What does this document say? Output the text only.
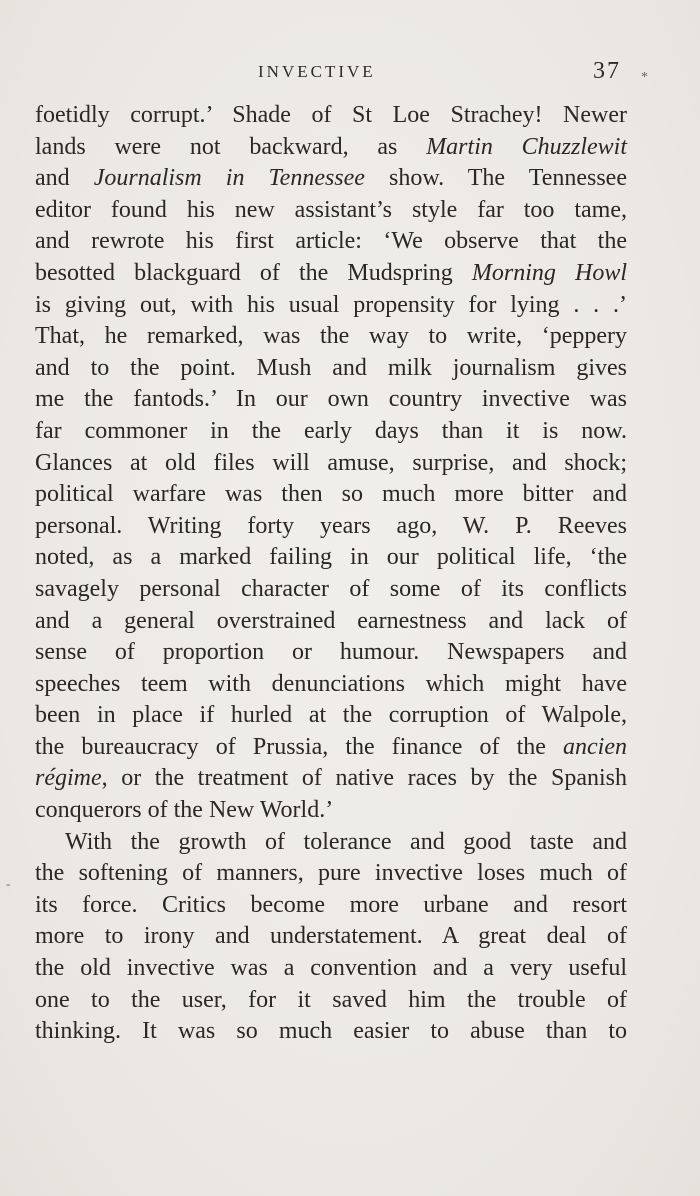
INVECTIVE	37 *
-
foetidly corrupt.’ Shade of St Loe Strachey! Newer
lands were not backward, as Martin Chuzzlewit
and Journalism in Tennessee show. The Tennessee
editor found his new assistant’s style far too tame,
and rewrote his first article: ‘We observe that the
besotted blackguard of the Mudspring Morning Howl
is giving out, with his usual propensity for lying . . .’
That, he remarked, was the way to write, ‘peppery
and to the point. Mush and milk journalism gives
me the fantods.’ In our own country invective was
far commoner in the early days than it is now.
Glances at old files will amuse, surprise, and shock;
political warfare was then so much more bitter and
personal. Writing forty years ago, W. P. Reeves
noted, as a marked failing in our political life, ‘the
savagely personal character of some of its conflicts
and a general overstrained earnestness and lack of
sense of proportion or humour. Newspapers and
speeches teem with denunciations which might have
been in place if hurled at the corruption of Walpole,
the bureaucracy of Prussia, the finance of the ancien
régime, or the treatment of native races by the Spanish
conquerors of the New World.’
With the growth of tolerance and good taste and
the softening of manners, pure invective loses much of
its force. Critics become more urbane and resort
more to irony and understatement. A great deal of
the old invective was a convention and a very useful
one to the user, for it saved him the trouble of
thinking. It was so much easier to abuse than to
